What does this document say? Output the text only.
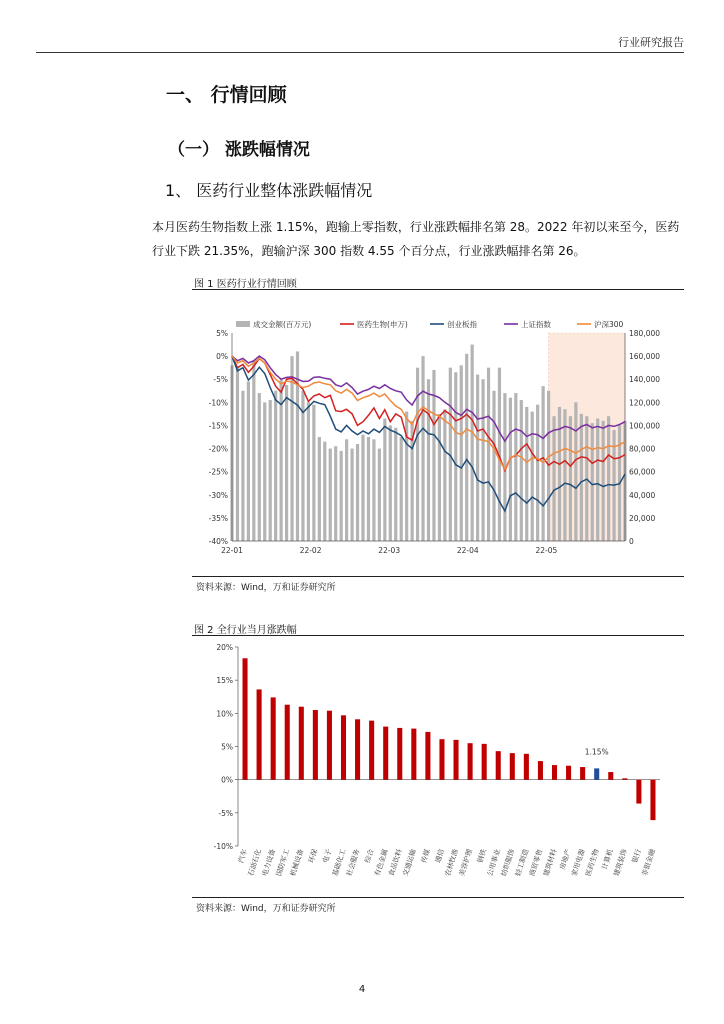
行业研究报告
一、 行情回顾
（一） 涨跌幅情况
1、 医药行业整体涨跌幅情况
本月医药生物指数上涨 1.15%，跑输上零指数，行业涨跌幅排名第 28。2022 年初以来至今，医药行业下跌 21.35%，跑输沪深 300 指数 4.55 个百分点，行业涨跌幅排名第 26。
图 1 医药行业行情回顾
5%
0%
-5%
-10%
-15%
-20%
-25%
-30%
-35%
-40%
180,000
160,000
140,000
120,000
100,000
80,000
60,000
40,000
20,000
0
22-01	22-02	22-03	22-04	22-05
成交金额(百万元)	医药生物(申万)	创业板指	上证指数	沪深300
资料来源：Wind，万和证券研究所
图 2 全行业当月涨跌幅
20%
15%
10%
5%
0%
-5%
-10%
汽车
石油石化
电力设备
国防军工
机械设备 环保 电子
基础化工
社会服务 综合
有色金属
食品饮料
交通运输 传媒 通信
农林牧渔
美容护理 钢铁
公用事业
纺织服饰
轻工制造
商贸零售
建筑材料 房地产
家用电器
1.15%
医药生物 计算机
建筑装饰 银行
非银金融
资料来源：Wind，万和证券研究所
4
